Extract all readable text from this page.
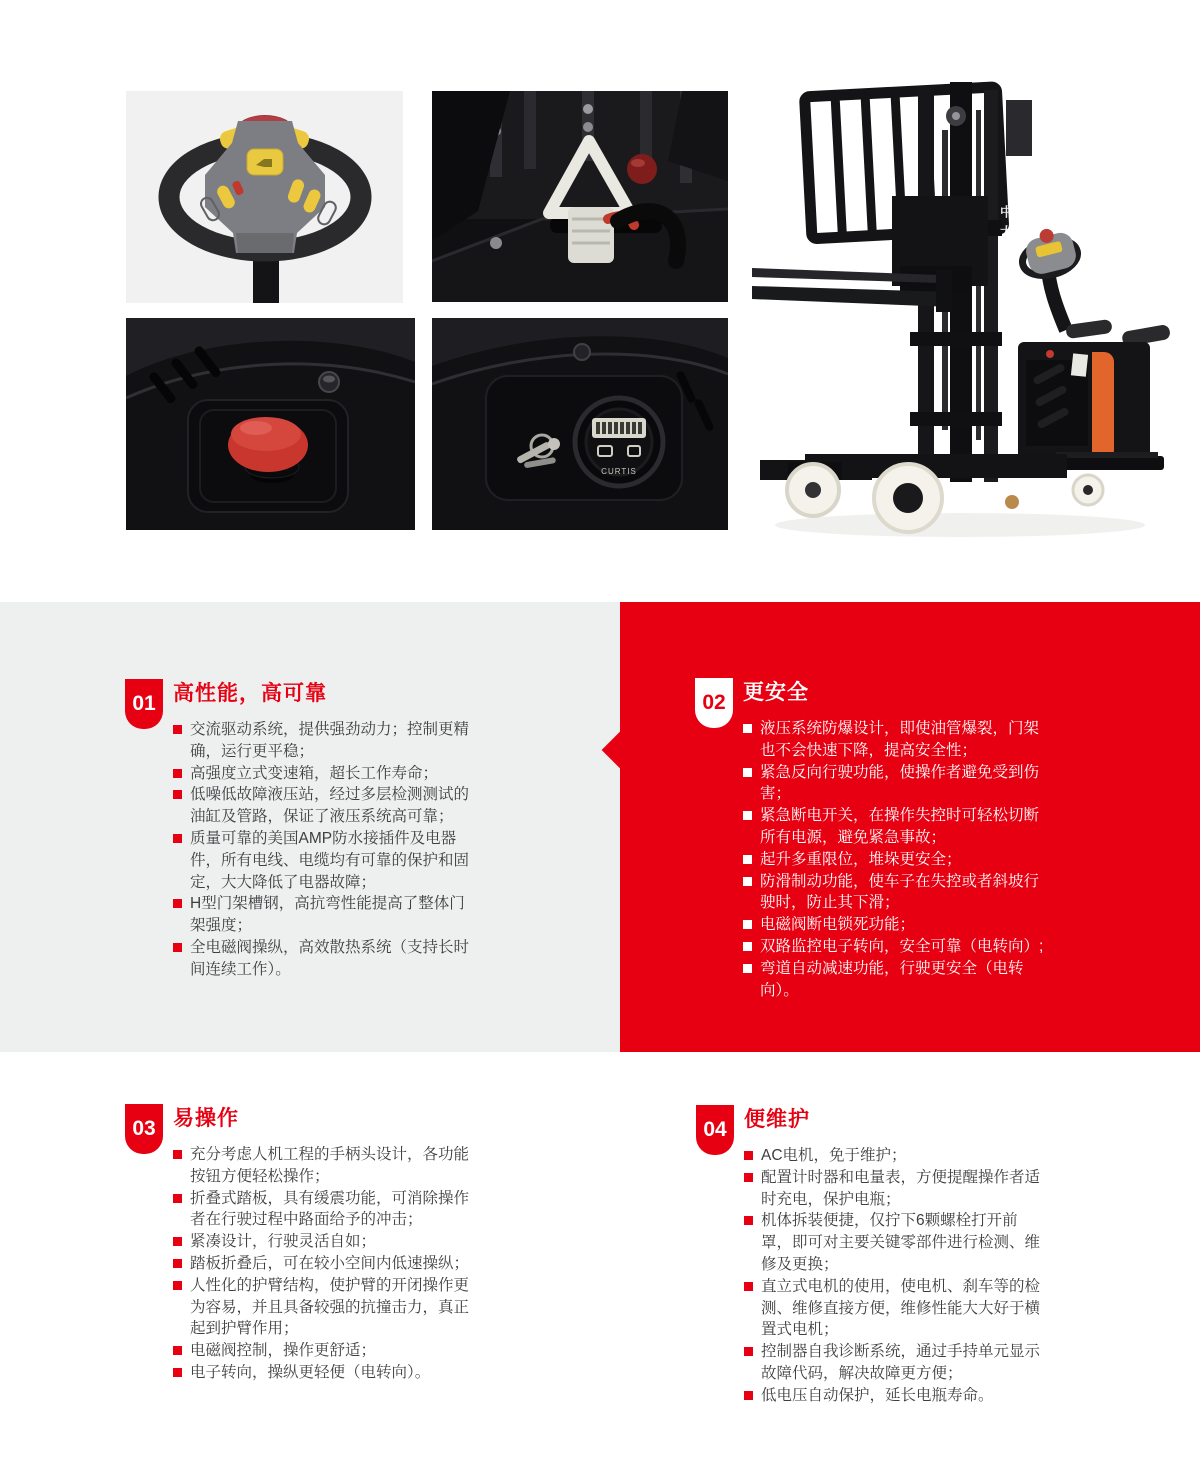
CURTIS
中大叉车
01 高性能，高可靠
交流驱动系统，提供强劲动力；控制更精确，运行更平稳；
高强度立式变速箱，超长工作寿命；
低噪低故障液压站，经过多层检测测试的油缸及管路，保证了液压系统高可靠；
质量可靠的美国AMP防水接插件及电器件，所有电线、电缆均有可靠的保护和固定，大大降低了电器故障；
H型门架槽钢，高抗弯性能提高了整体门架强度；
全电磁阀操纵，高效散热系统（支持长时间连续工作）。
02 更安全
液压系统防爆设计，即使油管爆裂，门架也不会快速下降，提高安全性；
紧急反向行驶功能，使操作者避免受到伤害；
紧急断电开关，在操作失控时可轻松切断所有电源，避免紧急事故；
起升多重限位，堆垛更安全；
防滑制动功能，使车子在失控或者斜坡行驶时，防止其下滑；
电磁阀断电锁死功能；
双路监控电子转向，安全可靠（电转向）;
弯道自动减速功能，行驶更安全（电转向）。
03 易操作
充分考虑人机工程的手柄头设计，各功能按钮方便轻松操作；
折叠式踏板，具有缓震功能，可消除操作者在行驶过程中路面给予的冲击；
紧凑设计，行驶灵活自如；
踏板折叠后，可在较小空间内低速操纵；
人性化的护臂结构，使护臂的开闭操作更为容易，并且具备较强的抗撞击力，真正起到护臂作用；
电磁阀控制，操作更舒适；
电子转向，操纵更轻便（电转向）。
04 便维护
AC电机，免于维护；
配置计时器和电量表，方便提醒操作者适时充电，保护电瓶；
机体拆装便捷，仅拧下6颗螺栓打开前罩，即可对主要关键零部件进行检测、维修及更换；
直立式电机的使用，使电机、刹车等的检测、维修直接方便，维修性能大大好于横置式电机；
控制器自我诊断系统，通过手持单元显示故障代码，解决故障更方便；
低电压自动保护，延长电瓶寿命。
